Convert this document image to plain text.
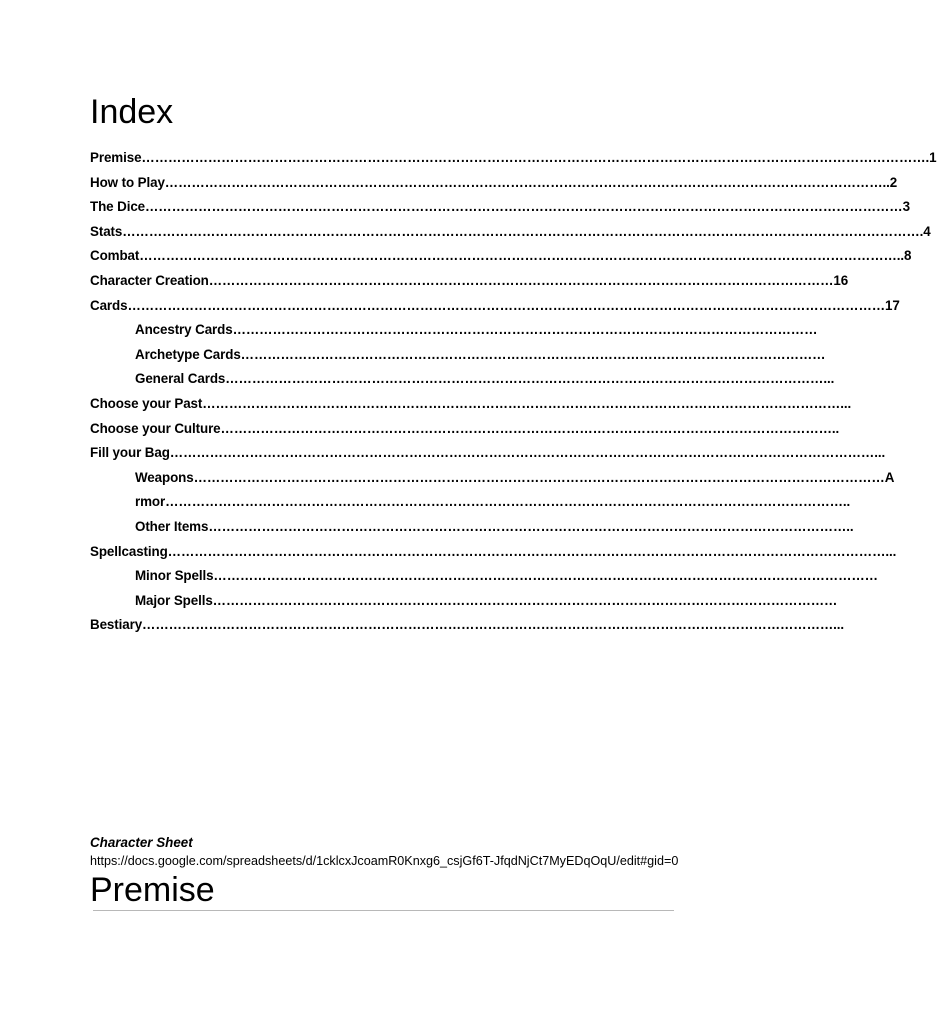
Index
Premise…………………………………………………………………………………………………………………………………………………………….1
How to Play………………………………………………………………………………………………………………………………………………..2
The Dice………………………………………………………………………………………………………………………………………………………3
Stats……………………………………………………………………………………………………………………………………………………………….4
Combat………………………………………………………………………………………………………………………………………………………..8
Character Creation……………………………………………………………………………………………………………………………16
Cards………………………………………………………………………………………………………………………………………………………17
Ancestry Cards……………………………………………………………………………………………………………………
Archetype Cards……………………………………………………………………………………………………………………
General Cards………………………………………………………………………………………………………………………...
Choose your Past………………………………………………………………………………………………………………………………...
Choose your Culture…………………………………………………………………………………………………………………………..
Fill your Bag……………………………………………………………………………………………………………………………………………...
Weapons…………………………………………………………………………………………………………………………………………A
rmor………………………………………………………………………………………………………………………………………..
Other Items………………………………………………………………………………………………………………………………..
Spellcasting………………………………………………………………………………………………………………………………………………...
Minor Spells……………………………………………………………………………………………………………………………………
Major Spells……………………………………………………………………………………………………………………………
Bestiary…………………………………………………………………………………………………………………………………………...
Character Sheet
https://docs.google.com/spreadsheets/d/1cklcxJcoamR0Knxg6_csjGf6T-JfqdNjCt7MyEDqOqU/edit#gid=0
Premise
